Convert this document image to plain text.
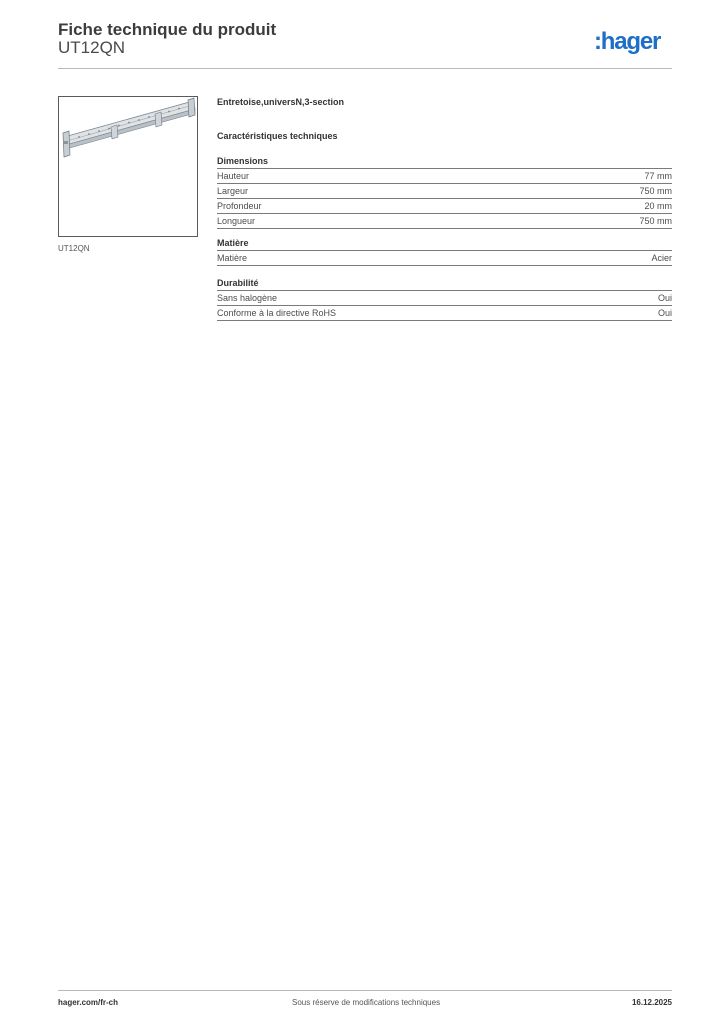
Fiche technique du produit
UT12QN	:hager
UT12QN
Entretoise,universN,3-section
Caractéristiques techniques
Dimensions
Hauteur	77 mm
Largeur	750 mm
Profondeur	20 mm
Longueur	750 mm
Matière
Matière	Acier
Durabilité
Sans halogène	Oui
Conforme à la directive RoHS	Oui
hager.com/fr-ch	Sous réserve de modifications techniques	16.12.2025
